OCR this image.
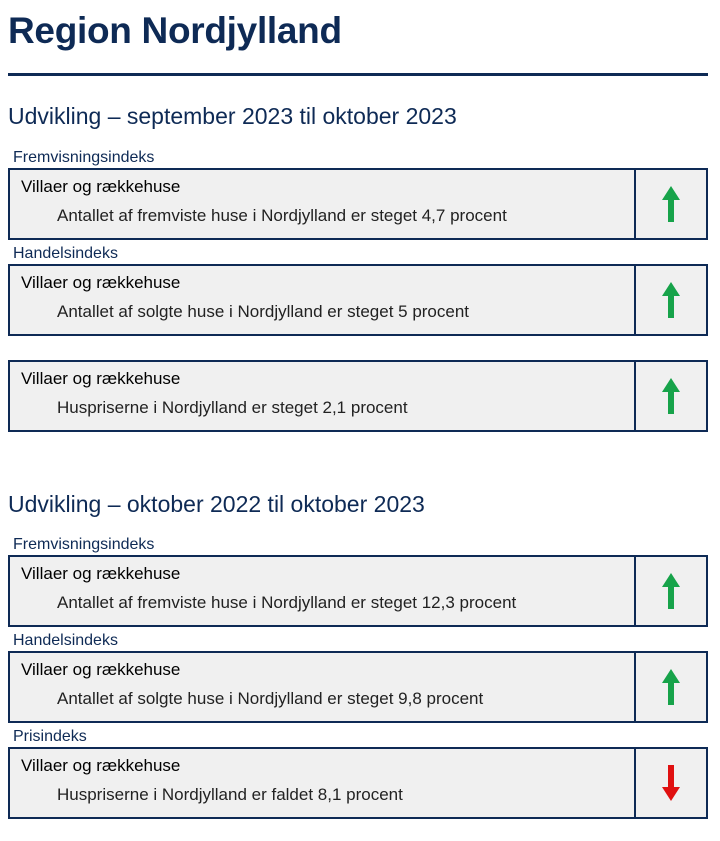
Region Nordjylland
Udvikling – september 2023 til oktober 2023
Fremvisningsindeks
Villaer og rækkehuse
Antallet af fremviste huse i Nordjylland er steget 4,7 procent
Handelsindeks
Villaer og rækkehuse
Antallet af solgte huse i Nordjylland er steget 5 procent
Villaer og rækkehuse
Huspriserne i Nordjylland er steget 2,1 procent
Udvikling – oktober 2022 til oktober 2023
Fremvisningsindeks
Villaer og rækkehuse
Antallet af fremviste huse i Nordjylland er steget 12,3 procent
Handelsindeks
Villaer og rækkehuse
Antallet af solgte huse i Nordjylland er steget 9,8 procent
Prisindeks
Villaer og rækkehuse
Huspriserne i Nordjylland er faldet 8,1 procent
